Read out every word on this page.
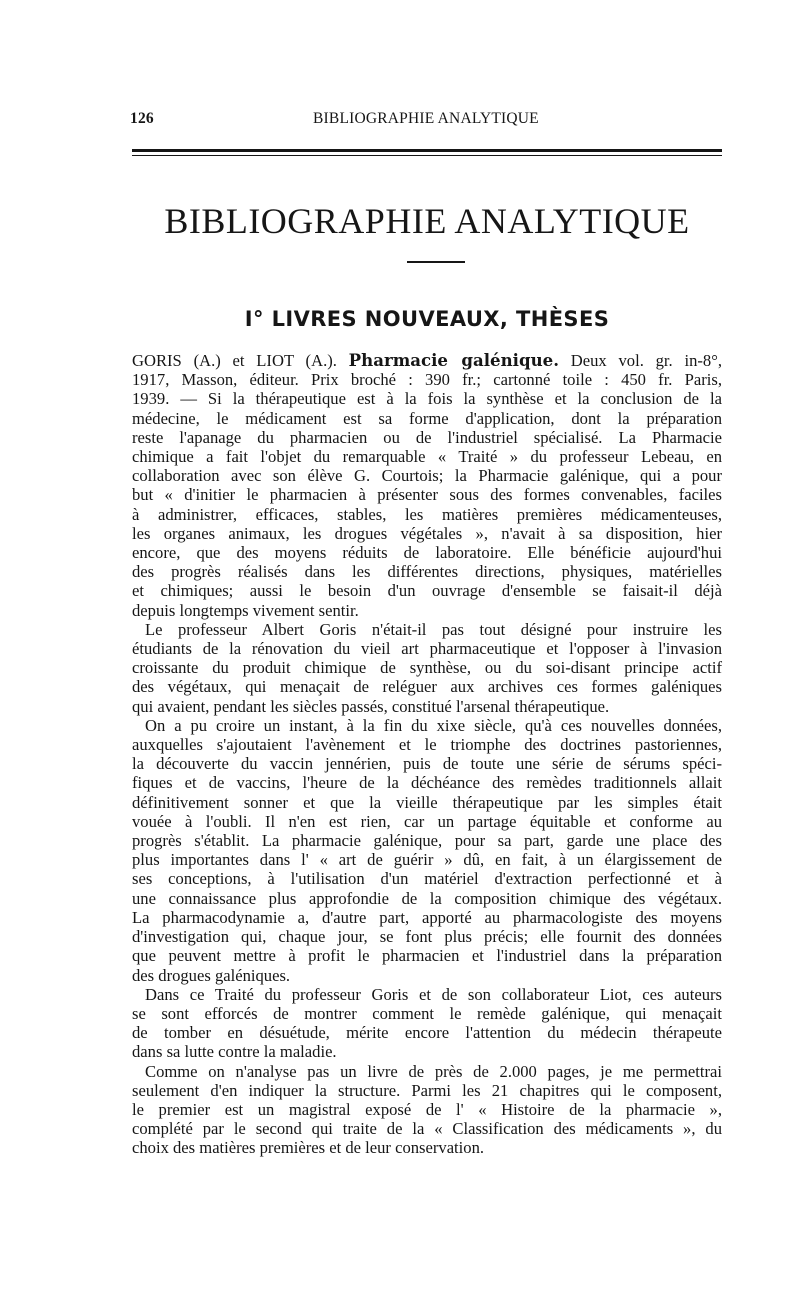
126	BIBLIOGRAPHIE ANALYTIQUE
BIBLIOGRAPHIE ANALYTIQUE
I° LIVRES NOUVEAUX, THÈSES
GORIS (A.) et LIOT (A.). Pharmacie galénique. Deux vol. gr. in-8°,
1917, Masson, éditeur. Prix broché : 390 fr.; cartonné toile : 450 fr. Paris,
1939. — Si la thérapeutique est à la fois la synthèse et la conclusion de la
médecine, le médicament est sa forme d'application, dont la préparation
reste l'apanage du pharmacien ou de l'industriel spécialisé. La Pharmacie
chimique a fait l'objet du remarquable « Traité » du professeur Lebeau, en
collaboration avec son élève G. Courtois; la Pharmacie galénique, qui a pour
but « d'initier le pharmacien à présenter sous des formes convenables, faciles
à administrer, efficaces, stables, les matières premières médicamenteuses,
les organes animaux, les drogues végétales », n'avait à sa disposition, hier
encore, que des moyens réduits de laboratoire. Elle bénéficie aujourd'hui
des progrès réalisés dans les différentes directions, physiques, matérielles
et chimiques; aussi le besoin d'un ouvrage d'ensemble se faisait-il déjà
depuis longtemps vivement sentir.
Le professeur Albert Goris n'était-il pas tout désigné pour instruire les
étudiants de la rénovation du vieil art pharmaceutique et l'opposer à l'invasion
croissante du produit chimique de synthèse, ou du soi-disant principe actif
des végétaux, qui menaçait de reléguer aux archives ces formes galéniques
qui avaient, pendant les siècles passés, constitué l'arsenal thérapeutique.
On a pu croire un instant, à la fin du xixe siècle, qu'à ces nouvelles données,
auxquelles s'ajoutaient l'avènement et le triomphe des doctrines pastoriennes,
la découverte du vaccin jennérien, puis de toute une série de sérums spéci-
fiques et de vaccins, l'heure de la déchéance des remèdes traditionnels allait
définitivement sonner et que la vieille thérapeutique par les simples était
vouée à l'oubli. Il n'en est rien, car un partage équitable et conforme au
progrès s'établit. La pharmacie galénique, pour sa part, garde une place des
plus importantes dans l' « art de guérir » dû, en fait, à un élargissement de
ses conceptions, à l'utilisation d'un matériel d'extraction perfectionné et à
une connaissance plus approfondie de la composition chimique des végétaux.
La pharmacodynamie a, d'autre part, apporté au pharmacologiste des moyens
d'investigation qui, chaque jour, se font plus précis; elle fournit des données
que peuvent mettre à profit le pharmacien et l'industriel dans la préparation
des drogues galéniques.
Dans ce Traité du professeur Goris et de son collaborateur Liot, ces auteurs
se sont efforcés de montrer comment le remède galénique, qui menaçait
de tomber en désuétude, mérite encore l'attention du médecin thérapeute
dans sa lutte contre la maladie.
Comme on n'analyse pas un livre de près de 2.000 pages, je me permettrai
seulement d'en indiquer la structure. Parmi les 21 chapitres qui le composent,
le premier est un magistral exposé de l' « Histoire de la pharmacie »,
complété par le second qui traite de la « Classification des médicaments », du
choix des matières premières et de leur conservation.
